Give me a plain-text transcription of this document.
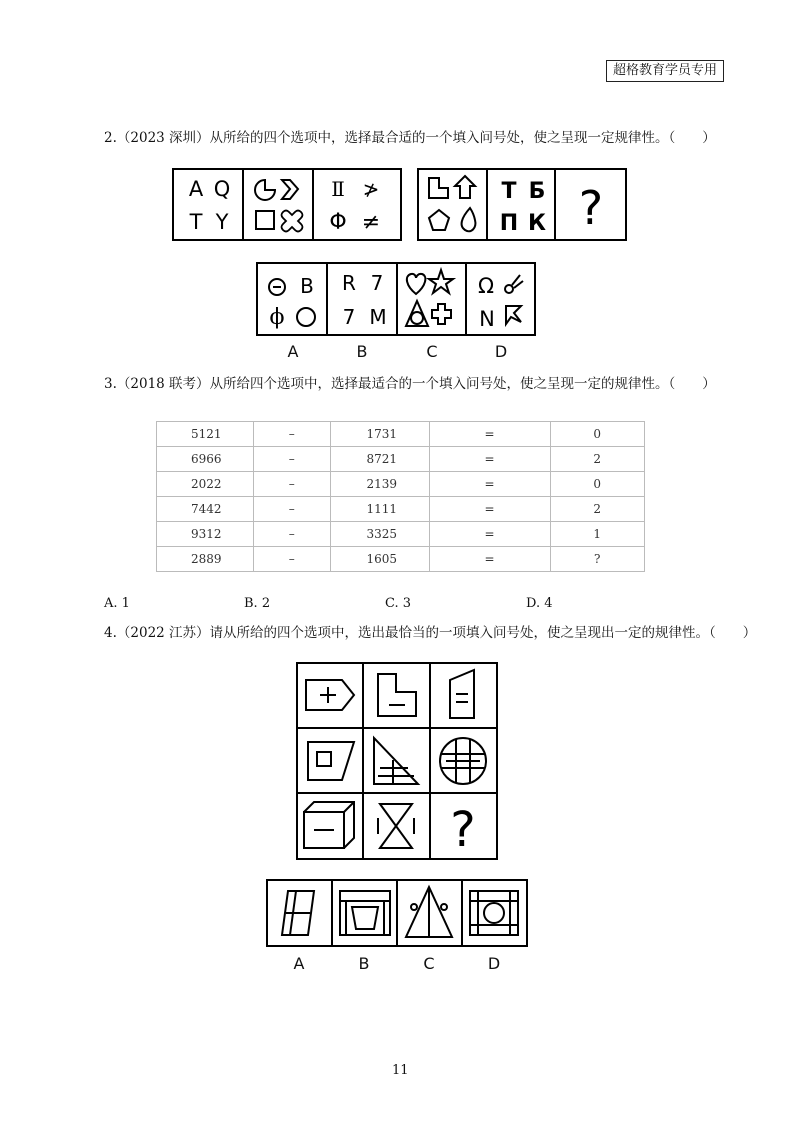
超格教育学员专用
2.（2023 深圳）从所给的四个选项中，选择最合适的一个填入问号处，使之呈现一定规律性。（　　）
A Q
T Y
Ⅱ ≯
Φ ≠
Т Б
П К ?
B
ϕ
R 7
7 M
Ω
N
A	B	C	D
3.（2018 联考）从所给四个选项中，选择最适合的一个填入问号处，使之呈现一定的规律性。（　　）
5121	–	1731	=	0
6966	–	8721	=	2
2022	–	2139	=	0
7442	–	1111	=	2
9312	–	3325	=	1
2889	–	1605	=	?
A. 1	B. 2	C. 3	D. 4
4.（2022 江苏）请从所给的四个选项中，选出最恰当的一项填入问号处，使之呈现出一定的规律性。（　　）
?
A	B	C	D
11
